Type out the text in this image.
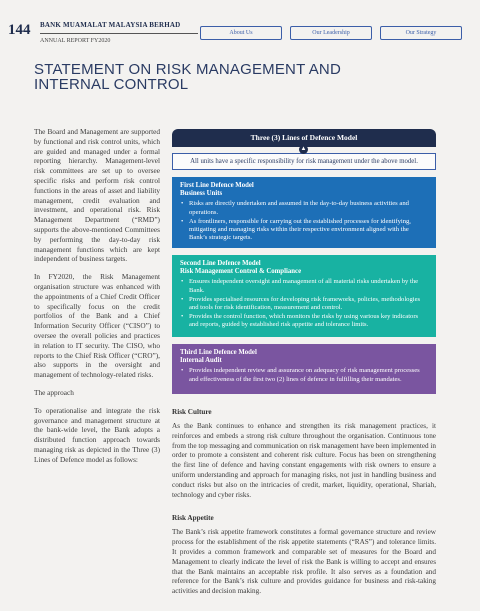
144 BANK MUAMALAT MALAYSIA BERHAD
ANNUAL REPORT FY2020
About Us	Our Leadership	Our Strategy
STATEMENT ON RISK MANAGEMENT AND
INTERNAL CONTROL

The Board and Management are supported by functional and risk control units, which are guided and managed under a formal reporting hierarchy. Management-level risk committees are set up to oversee specific risks and perform risk control functions in the areas of asset and liability management, credit evaluation and investment, and operational risk. Risk Management Department (“RMD”) supports the above-mentioned Committees by performing the day-to-day risk management functions which are kept independent of business targets.

In FY2020, the Risk Management organisation structure was enhanced with the appointments of a Chief Credit Officer to specifically focus on the credit portfolios of the Bank and a Chief Information Security Officer (“CISO”) to oversee the overall policies and practices in relation to IT security. The CISO, who reports to the Chief Risk Officer (“CRO”), also supports in the oversight and management of technology-related risks.

The approach

To operationalise and integrate the risk governance and management structure at the bank-wide level, the Bank adopts a distributed function approach towards managing risk as depicted in the Three (3) Lines of Defence model as follows:

Three (3) Lines of Defence Model
▲
All units have a specific responsibility for risk management under the above model.
First Line Defence Model
Business Units
• Risks are directly undertaken and assumed in the day-to-day business activities and operations.
• As frontliners, responsible for carrying out the established processes for identifying, mitigating and managing risks within their respective environment aligned with the Bank’s strategic targets.
Second Line Defence Model
Risk Management Control & Compliance
• Ensures independent oversight and management of all material risks undertaken by the Bank.
• Provides specialised resources for developing risk frameworks, policies, methodologies and tools for risk identification, measurement and control.
• Provides the control function, which monitors the risks by using various key indicators and reports, guided by established risk appetite and tolerance limits.
Third Line Defence Model
Internal Audit
• Provides independent review and assurance on adequacy of risk management processes and effectiveness of the first two (2) lines of defence in fulfilling their mandates.
Risk Culture
As the Bank continues to enhance and strengthen its risk management practices, it reinforces and embeds a strong risk culture throughout the organisation. Continuous tone from the top messaging and communication on risk management have been implemented in order to promote a consistent and coherent risk culture. Focus has been on strengthening the first line of defence and having constant engagements with risk owners to ensure a uniform understanding and approach for managing risks, not just in handling business and conduct risks but also on the intricacies of credit, market, liquidity, operational, Shariah, technology and cyber risks.
Risk Appetite
The Bank’s risk appetite framework constitutes a formal governance structure and review process for the establishment of the risk appetite statements (“RAS”) and tolerance limits. It provides a common framework and comparable set of measures for the Board and Management to clearly indicate the level of risk the Bank is willing to accept and ensures that the Bank maintains an acceptable risk profile. It also serves as a foundation and reference for the Bank’s risk culture and provides guidance for business and risk-taking activities and decision making.
